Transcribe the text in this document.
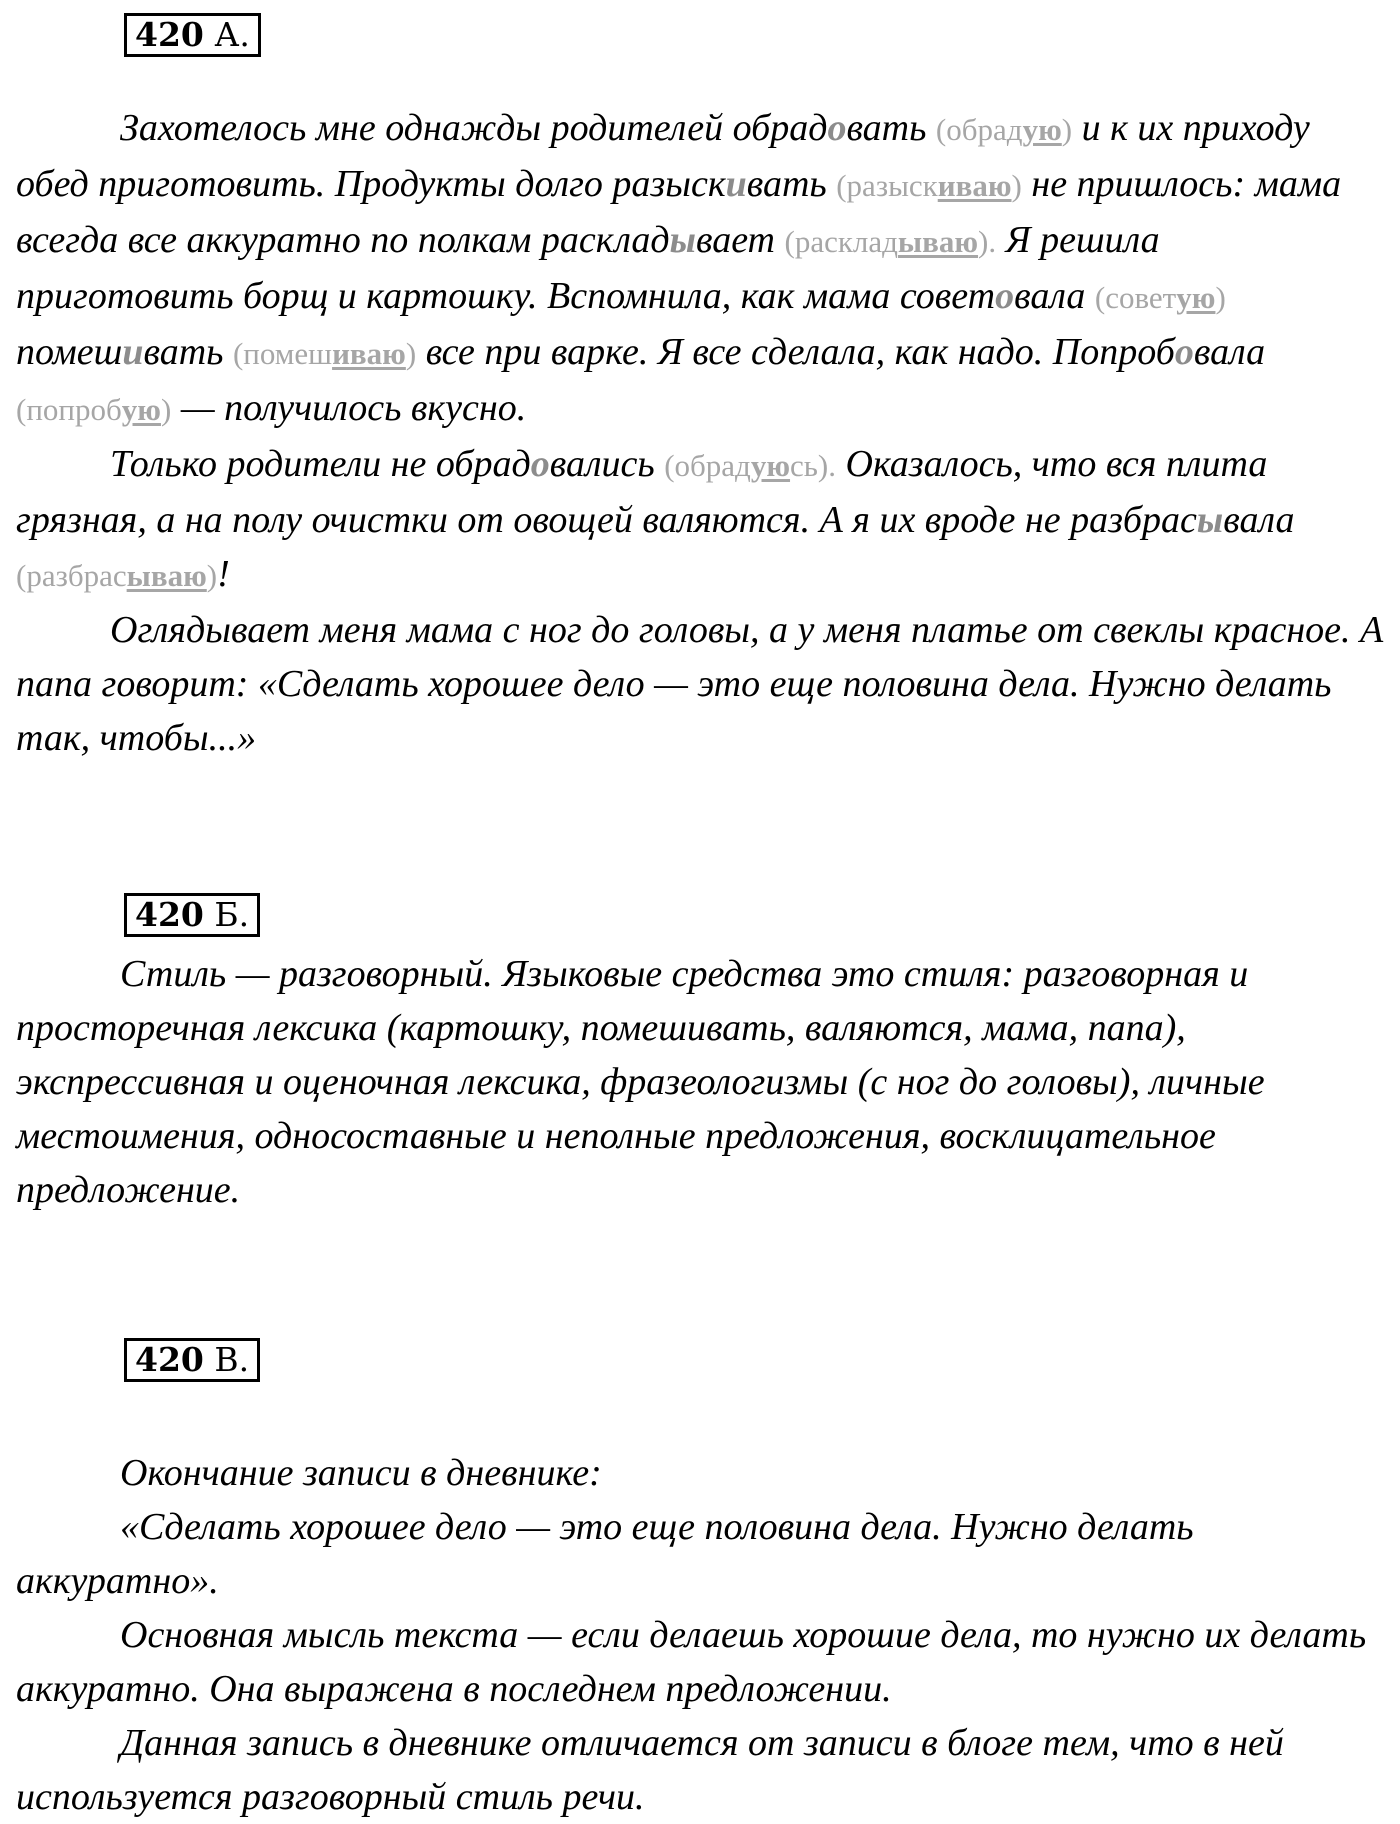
420 А.

Захотелось мне однажды родителей обрадовать (обрадую) и к их приходу обед приготовить. Продукты долго разыскивать (разыскиваю) не пришлось: мама всегда все аккуратно по полкам раскладывает (раскладываю). Я решила приготовить борщ и картошку. Вспомнила, как мама советовала (советую) помешивать (помешиваю) все при варке. Я все сделала, как надо. Попробовала (попробую) — получилось вкусно.

Только родители не обрадовались (обрадуюсь). Оказалось, что вся плита грязная, а на полу очистки от овощей валяются. А я их вроде не разбрасывала (разбрасываю)!

Оглядывает меня мама с ног до головы, а у меня платье от свеклы красное. А папа говорит: «Сделать хорошее дело — это еще половина дела. Нужно делать так, чтобы...»

420 Б.

Стиль — разговорный. Языковые средства это стиля: разговорная и просторечная лексика (картошку, помешивать, валяются, мама, папа), экспрессивная и оценочная лексика, фразеологизмы (с ног до головы), личные местоимения, односоставные и неполные предложения, восклицательное предложение.

420 В.

Окончание записи в дневнике:

«Сделать хорошее дело — это еще половина дела. Нужно делать аккуратно».

Основная мысль текста — если делаешь хорошие дела, то нужно их делать аккуратно. Она выражена в последнем предложении.

Данная запись в дневнике отличается от записи в блоге тем, что в ней используется разговорный стиль речи.
